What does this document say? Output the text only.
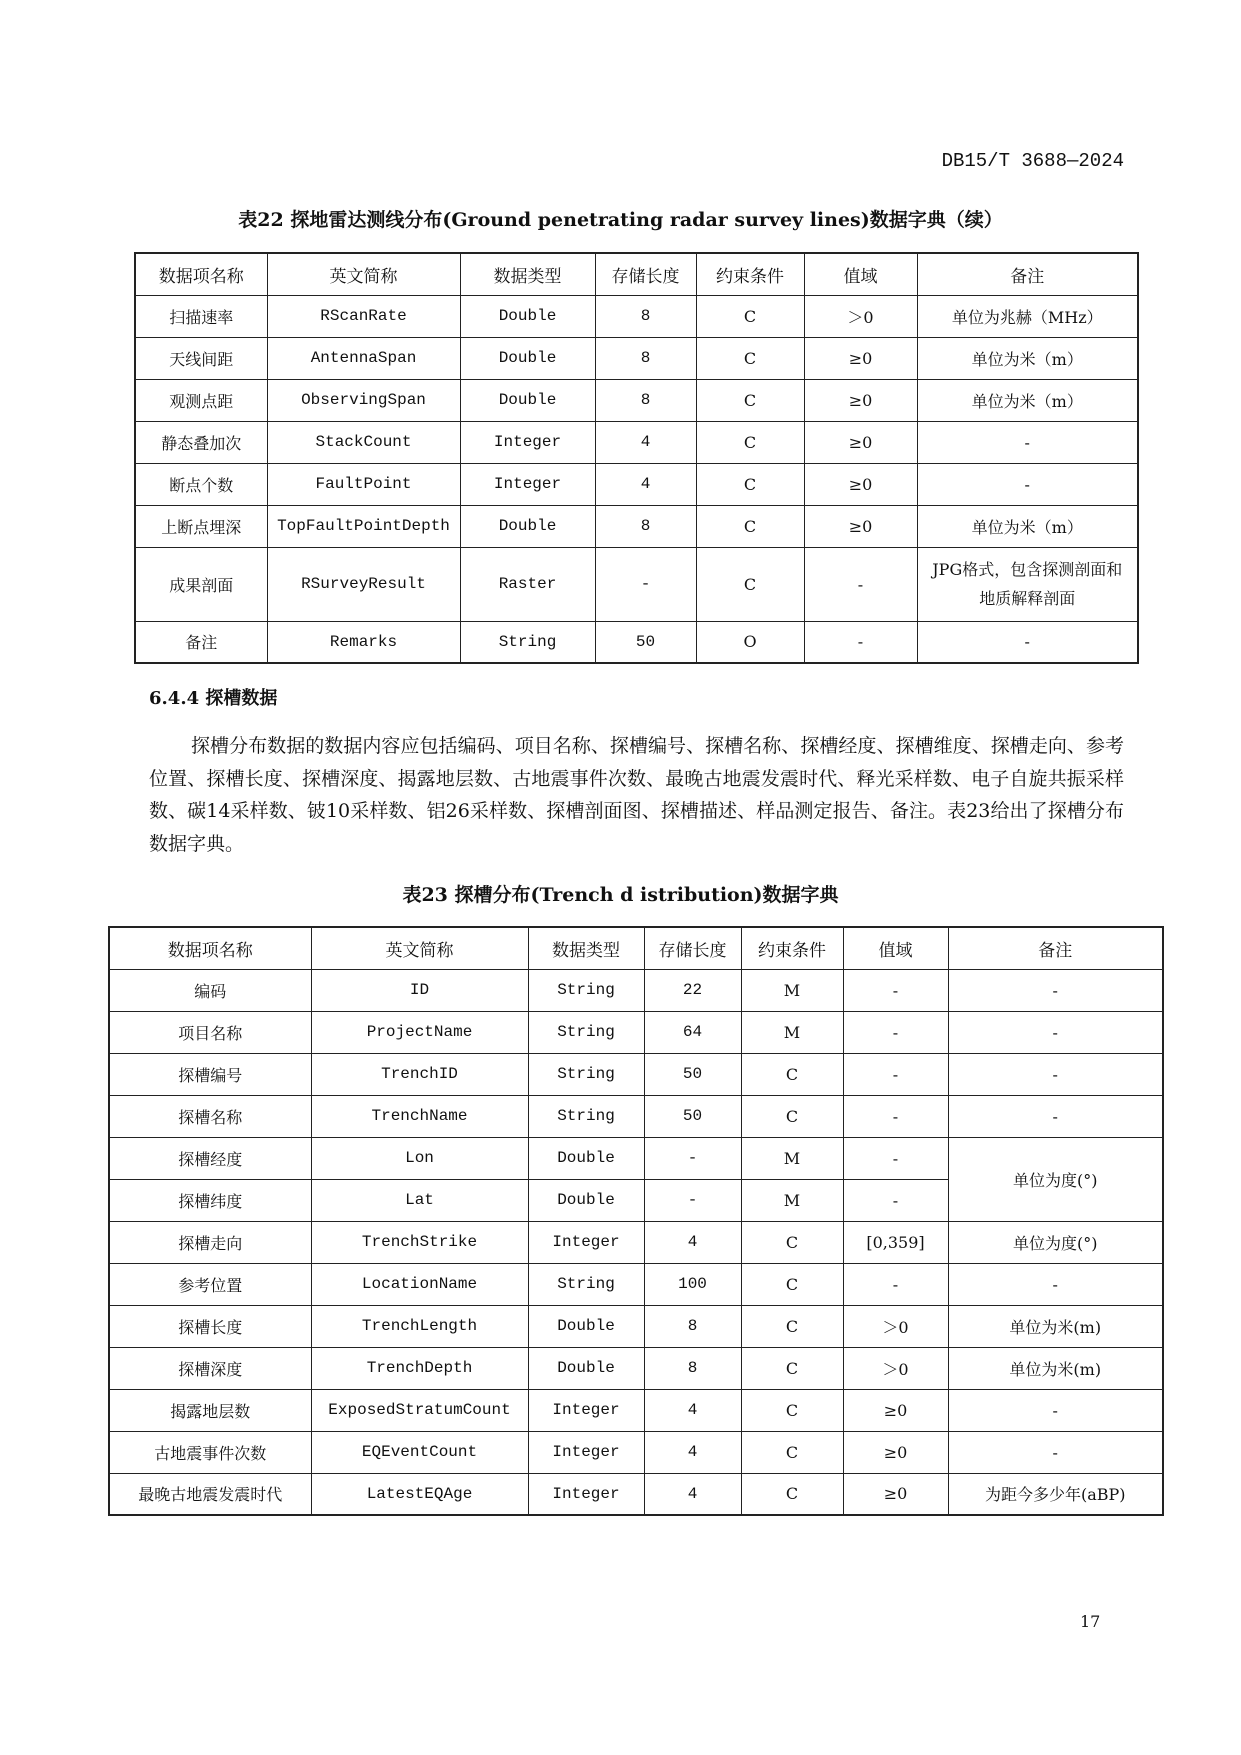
DB15/T 3688—2024
表22 探地雷达测线分布(Ground penetrating radar survey lines)数据字典（续）
数据项名称	英文简称	数据类型	存储长度	约束条件	值域	备注
扫描速率	RScanRate	Double	8	C	＞0	单位为兆赫（MHz）
天线间距	AntennaSpan	Double	8	C	≥0	单位为米（m）
观测点距	ObservingSpan	Double	8	C	≥0	单位为米（m）
静态叠加次	StackCount	Integer	4	C	≥0	-
断点个数	FaultPoint	Integer	4	C	≥0	-
上断点埋深	TopFaultPointDepth	Double	8	C	≥0	单位为米（m）
成果剖面	RSurveyResult	Raster	-	C	-	JPG格式，包含探测剖面和地质解释剖面
备注	Remarks	String	50	O	-	-
6.4.4 探槽数据
探槽分布数据的数据内容应包括编码、项目名称、探槽编号、探槽名称、探槽经度、探槽维度、探槽走向、参考位置、探槽长度、探槽深度、揭露地层数、古地震事件次数、最晚古地震发震时代、释光采样数、电子自旋共振采样数、碳14采样数、铍10采样数、铝26采样数、探槽剖面图、探槽描述、样品测定报告、备注。表23给出了探槽分布数据字典。
表23 探槽分布(Trench d istribution)数据字典
数据项名称	英文简称	数据类型	存储长度	约束条件	值域	备注
编码	ID	String	22	M	-	-
项目名称	ProjectName	String	64	M	-	-
探槽编号	TrenchID	String	50	C	-	-
探槽名称	TrenchName	String	50	C	-	-
探槽经度	Lon	Double	-	M	-	单位为度(°)
探槽纬度	Lat	Double	-	M	-	
探槽走向	TrenchStrike	Integer	4	C	[0,359]	单位为度(°)
参考位置	LocationName	String	100	C	-	-
探槽长度	TrenchLength	Double	8	C	＞0	单位为米(m)
探槽深度	TrenchDepth	Double	8	C	＞0	单位为米(m)
揭露地层数	ExposedStratumCount	Integer	4	C	≥0	-
古地震事件次数	EQEventCount	Integer	4	C	≥0	-
最晚古地震发震时代	LatestEQAge	Integer	4	C	≥0	为距今多少年(aBP)
17
